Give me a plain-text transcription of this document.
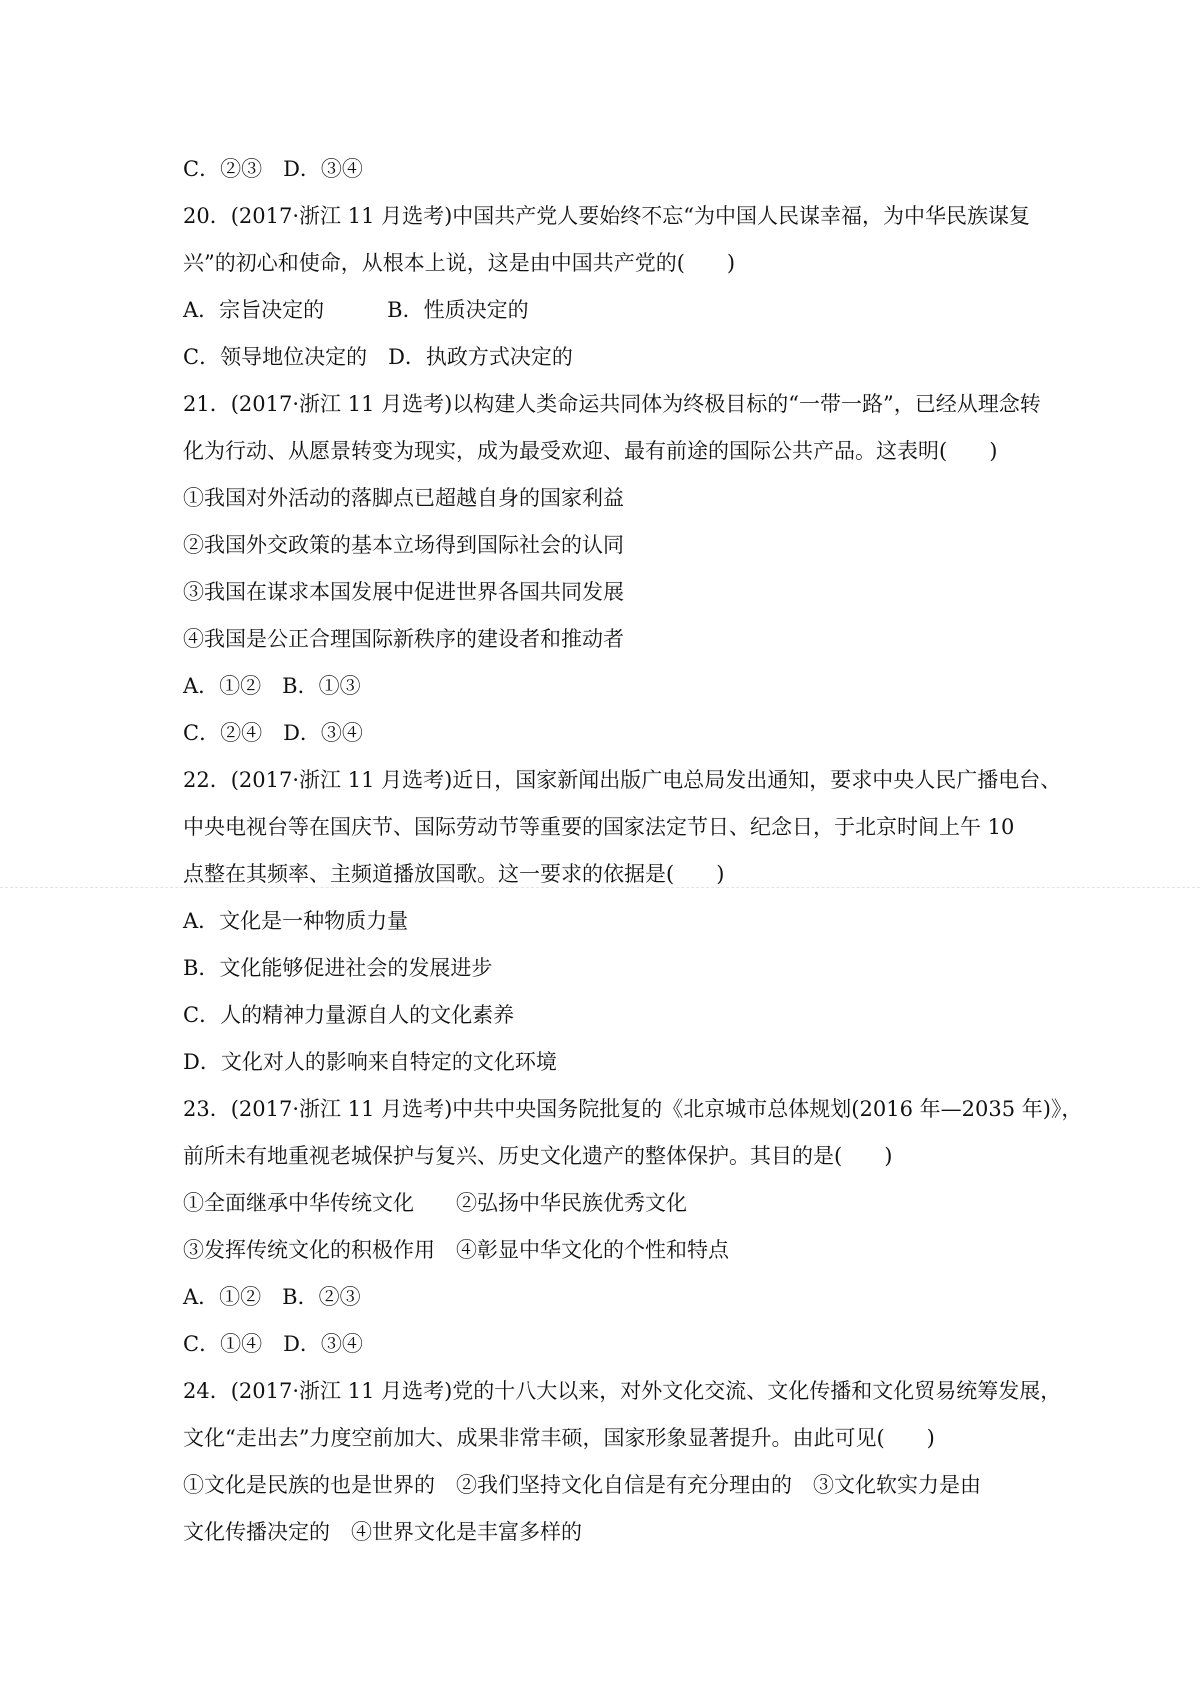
C．②③　D．③④
20．(2017·浙江 11 月选考)中国共产党人要始终不忘“为中国人民谋幸福，为中华民族谋复
兴”的初心和使命，从根本上说，这是由中国共产党的(　　)
A．宗旨决定的　　　B．性质决定的
C．领导地位决定的　D．执政方式决定的
21．(2017·浙江 11 月选考)以构建人类命运共同体为终极目标的“一带一路”，已经从理念转
化为行动、从愿景转变为现实，成为最受欢迎、最有前途的国际公共产品。这表明(　　)
①我国对外活动的落脚点已超越自身的国家利益
②我国外交政策的基本立场得到国际社会的认同
③我国在谋求本国发展中促进世界各国共同发展
④我国是公正合理国际新秩序的建设者和推动者
A．①②　B．①③
C．②④　D．③④
22．(2017·浙江 11 月选考)近日，国家新闻出版广电总局发出通知，要求中央人民广播电台、
中央电视台等在国庆节、国际劳动节等重要的国家法定节日、纪念日，于北京时间上午 10
点整在其频率、主频道播放国歌。这一要求的依据是(　　)
A．文化是一种物质力量
B．文化能够促进社会的发展进步
C．人的精神力量源自人的文化素养
D．文化对人的影响来自特定的文化环境
23．(2017·浙江 11 月选考)中共中央国务院批复的《北京城市总体规划(2016 年—2035 年)》，
前所未有地重视老城保护与复兴、历史文化遗产的整体保护。其目的是(　　)
①全面继承中华传统文化　　②弘扬中华民族优秀文化
③发挥传统文化的积极作用　④彰显中华文化的个性和特点
A．①②　B．②③
C．①④　D．③④
24．(2017·浙江 11 月选考)党的十八大以来，对外文化交流、文化传播和文化贸易统筹发展，
文化“走出去”力度空前加大、成果非常丰硕，国家形象显著提升。由此可见(　　)
①文化是民族的也是世界的　②我们坚持文化自信是有充分理由的　③文化软实力是由
文化传播决定的　④世界文化是丰富多样的
